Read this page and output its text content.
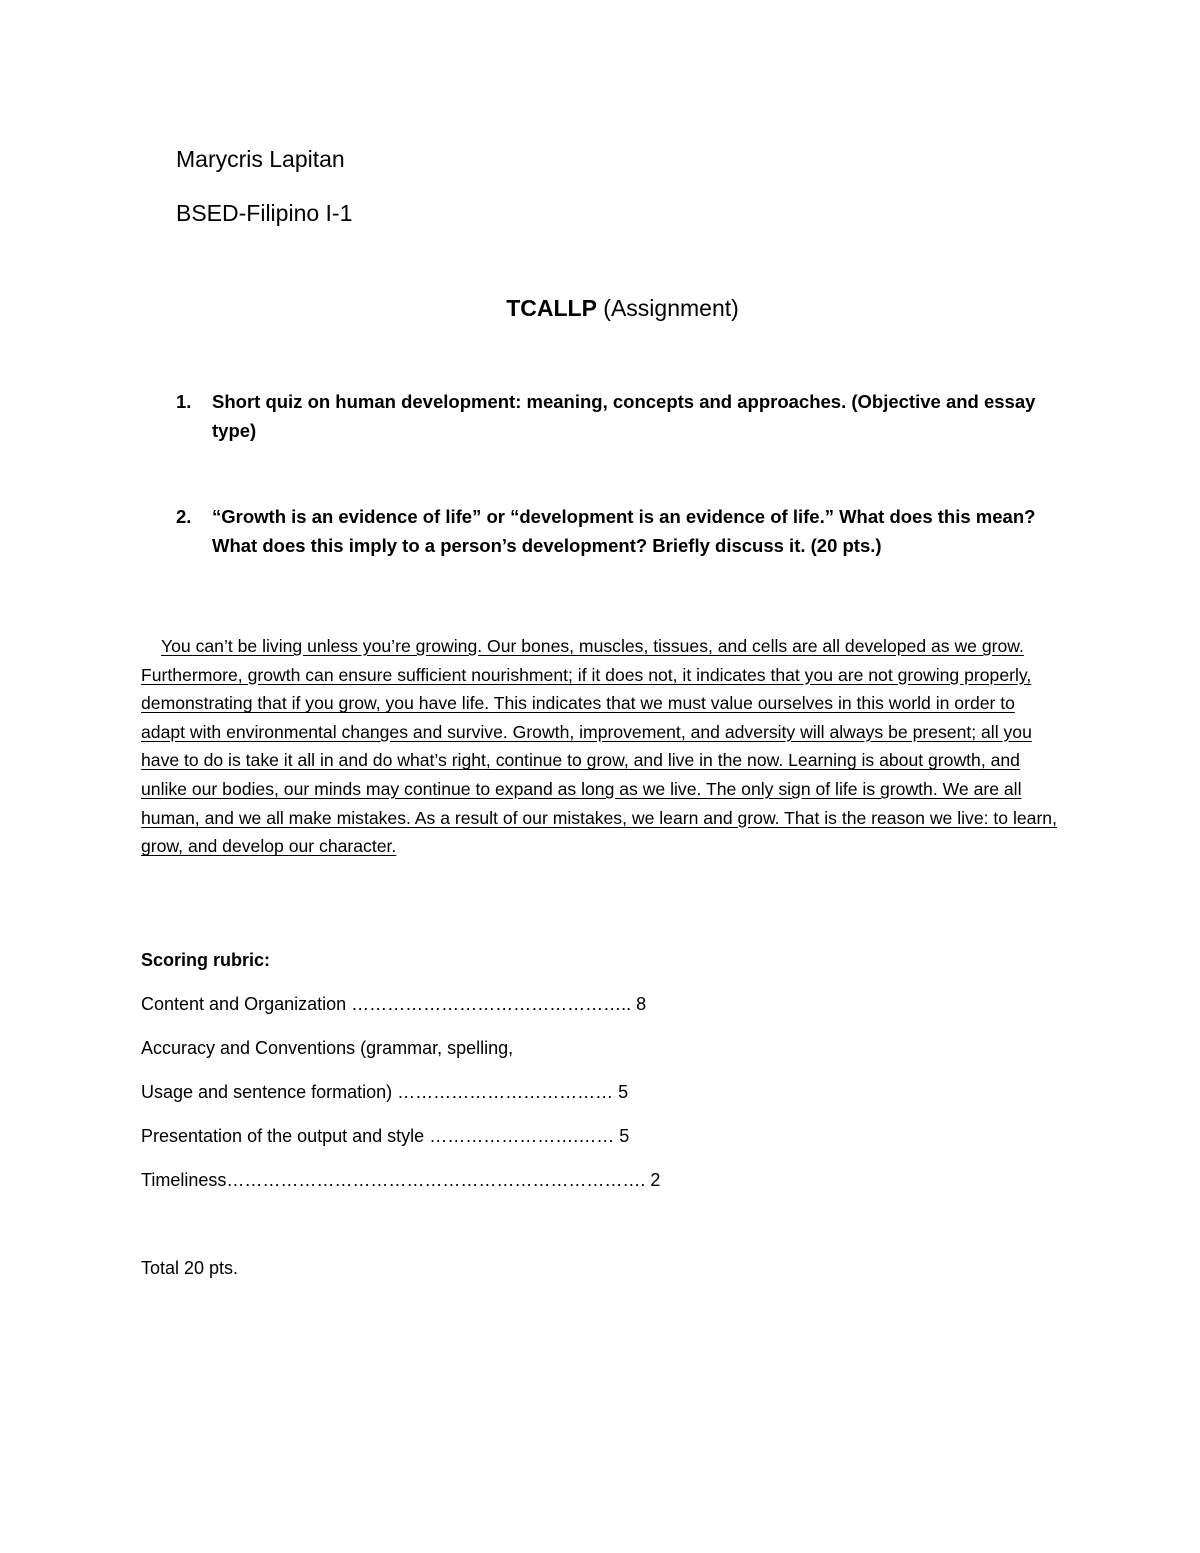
Marycris Lapitan
BSED-Filipino I-1
TCALLP (Assignment)
1. Short quiz on human development: meaning, concepts and approaches. (Objective and essay type)
2. “Growth is an evidence of life” or “development is an evidence of life.” What does this mean? What does this imply to a person’s development? Briefly discuss it. (20 pts.)
You can’t be living unless you’re growing. Our bones, muscles, tissues, and cells are all developed as we grow. Furthermore, growth can ensure sufficient nourishment; if it does not, it indicates that you are not growing properly, demonstrating that if you grow, you have life. This indicates that we must value ourselves in this world in order to adapt with environmental changes and survive. Growth, improvement, and adversity will always be present; all you have to do is take it all in and do what’s right, continue to grow, and live in the now. Learning is about growth, and unlike our bodies, our minds may continue to expand as long as we live. The only sign of life is growth. We are all human, and we all make mistakes. As a result of our mistakes, we learn and grow. That is the reason we live: to learn, grow, and develop our character.
Scoring rubric:
Content and Organization ……………………………………….. 8
Accuracy and Conventions (grammar, spelling,
Usage and sentence formation) ……………………………… 5
Presentation of the output and style …………………….…… 5
Timeliness……………………………………………………………. 2
Total 20 pts.
